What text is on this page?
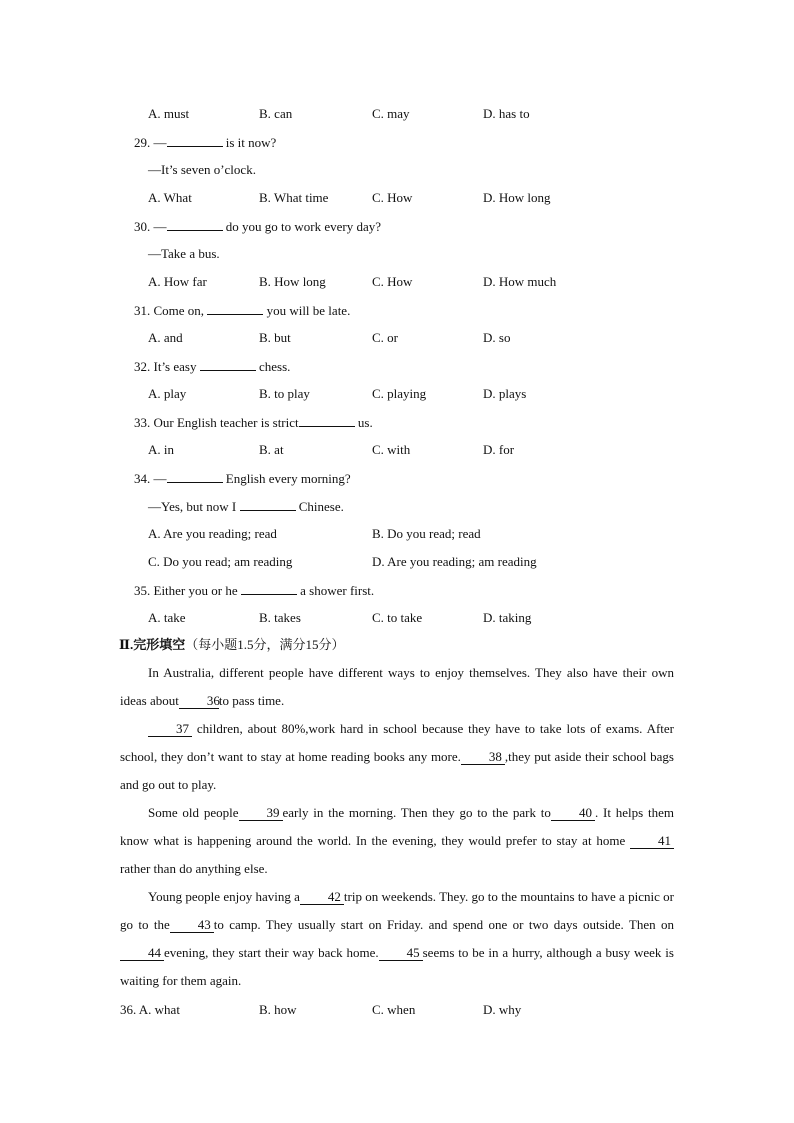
A. must	B. can	C. may	D. has to
29. —	is it now?
—It’s seven o’clock.
A. What	B. What time	C. How	D. How long
30. —	do you go to work every day?
—Take a bus.
A. How far	B. How long	C. How	D. How much
31. Come on,	you will be late.
A. and	B. but	C. or	D. so
32. It’s easy	chess.
A. play	B. to play	C. playing	D. plays
33. Our English teacher is strict	us.
A. in	B. at	C. with	D. for
34. —	English every morning?
—Yes, but now I	Chinese.
A. Are you reading; read	B. Do you read; read
C. Do you read; am reading	D. Are you reading; am reading
35. Either you or he	a shower first.
A. take	B. takes	C. to take	D. taking
Ⅱ.完形填空（每小题1.5分，满分15分）
In Australia, different people have different ways to enjoy themselves. They also have their own ideas about 36to pass time.
37 children, about 80%,work hard in school because they have to take lots of exams. After school, they don’t want to stay at home reading books any more. 38 ,they put aside their school bags and go out to play.
Some old people 39 early in the morning. Then they go to the park to 40 . It helps them know what is happening around the world. In the evening, they would prefer to stay at home 41 rather than do anything else.
Young people enjoy having a 42 trip on weekends. They. go to the mountains to have a picnic or go to the 43 to camp. They usually start on Friday. and spend one or two days outside. Then on44 evening, they start their way back home. 45 seems to be in a hurry, although a busy week is waiting for them again.
36. A. what	B. how	C. when	D. why
